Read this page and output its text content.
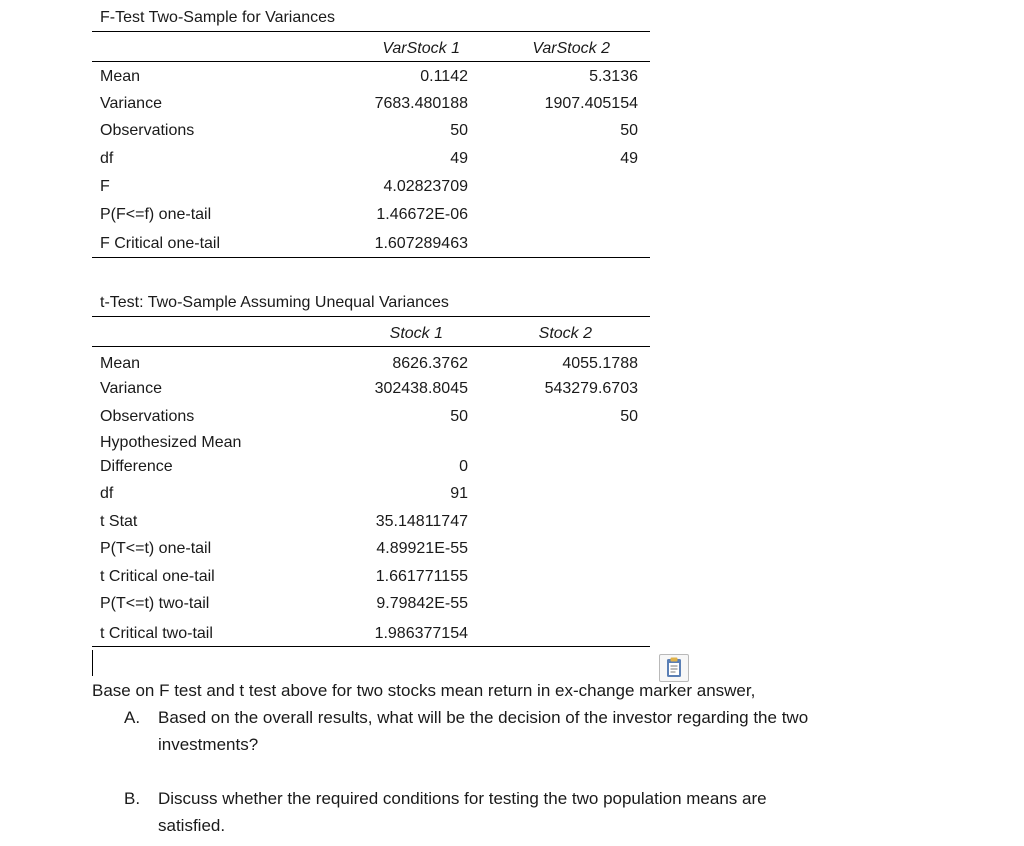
F-Test Two-Sample for Variances
VarStock 1	VarStock 2
Mean	0.1142	5.3136
Variance	7683.480188	1907.405154
Observations	50	50
df	49	49
F	4.02823709
P(F<=f) one-tail	1.46672E-06
F Critical one-tail	1.607289463
t-Test: Two-Sample Assuming Unequal Variances
Stock 1	Stock 2
Mean	8626.3762	4055.1788
Variance	302438.8045	543279.6703
Observations	50	50
Hypothesized Mean
Difference	0
df	91
t Stat	35.14811747
P(T<=t) one-tail	4.89921E-55
t Critical one-tail	1.661771155
P(T<=t) two-tail	9.79842E-55
t Critical two-tail	1.986377154
Base on F test and t test above for two stocks mean return in ex-change marker answer,
A. Based on the overall results, what will be the decision of the investor regarding the two
investments?
B. Discuss whether the required conditions for testing the two population means are
satisfied.
